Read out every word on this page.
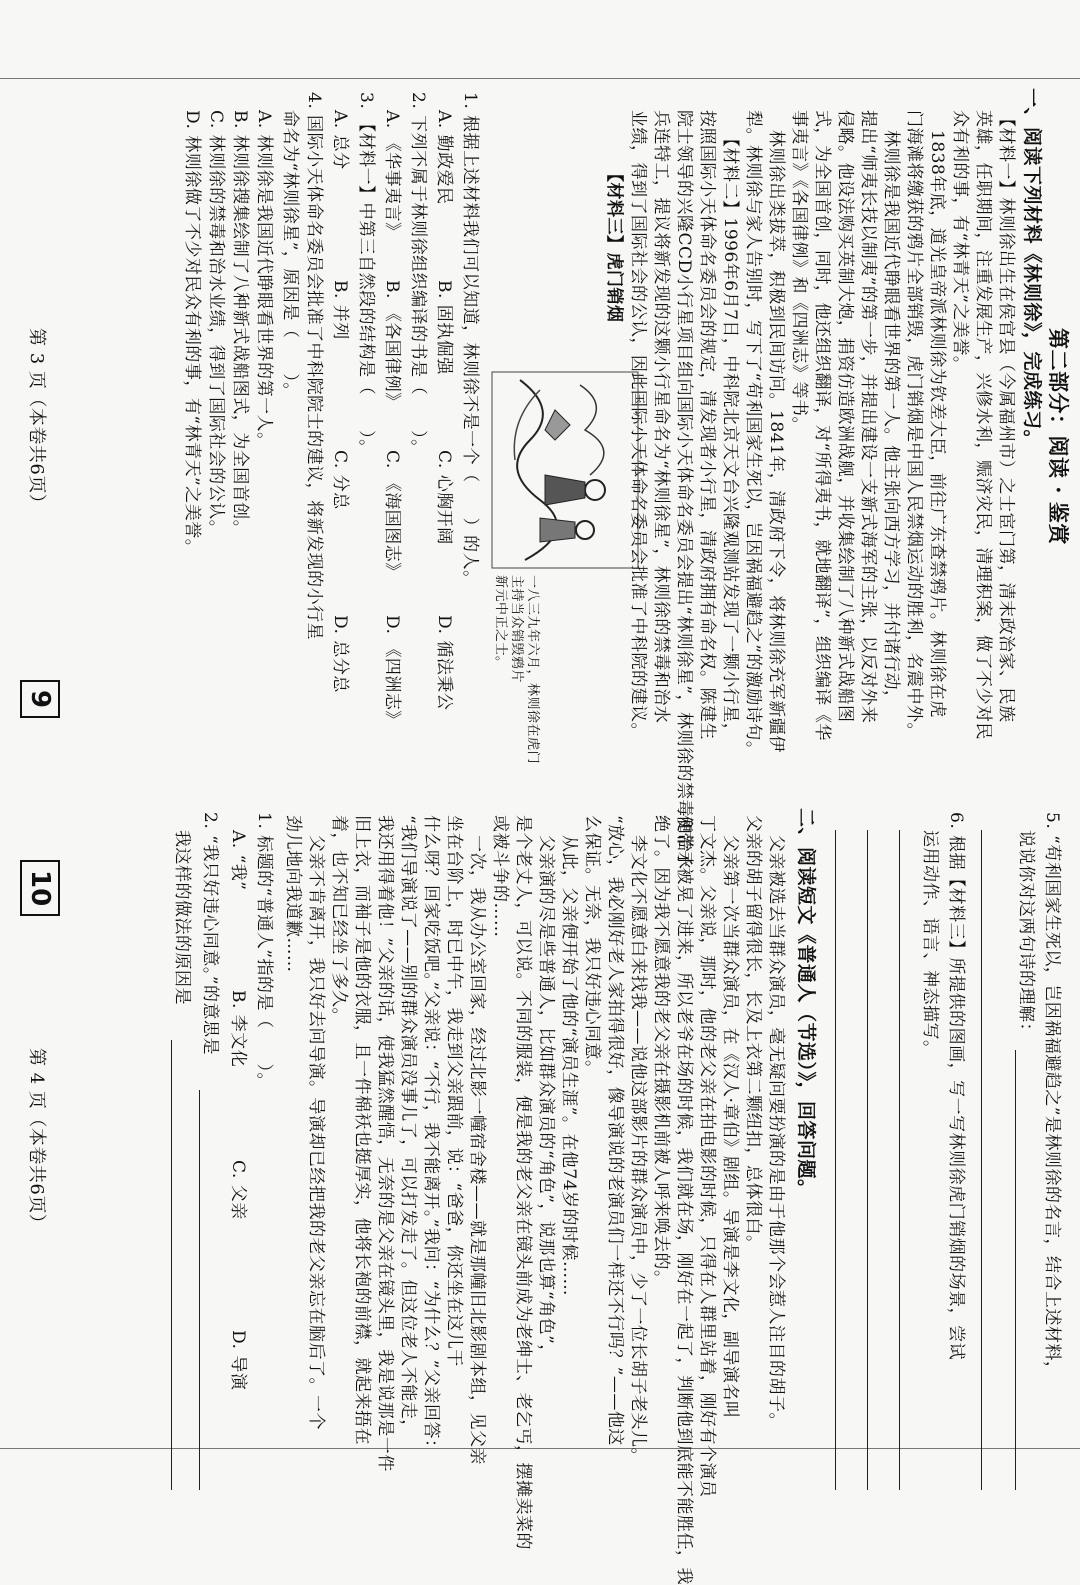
第二部分：阅读 · 鉴赏
一、阅读下列材料《林则徐》，完成练习。
【材料一】林则徐出生在侯官县（今属福州市）之士宦门第，清末政治家、民族
英雄，任职期间，注重发展生产，兴修水利，赈济灾民，清理积案，做了不少对民
众有利的事，有“林青天”之美誉。
1838年底，道光皇帝派林则徐为钦差大臣，前往广东查禁鸦片。林则徐在虎
门海滩将缴获的鸦片全部销毁，虎门销烟是中国人民禁烟运动的胜利，名震中外。
林则徐是我国近代睁眼看世界的第一人。他主张向西方学习，并付诸行动，
提出“师夷长技以制夷”的第一步，并提出建设一支新式海军的主张，以反对外来
侵略。他设法购买英制大炮，捐资仿造欧洲战舰，并收集绘制了八种新式战船图
式，为全国首创，同时，他还组织翻译，对“所得夷书，就地翻译”，组织编译《华
事夷言》《各国律例》和《四洲志》等书。
林则徐出类拔萃，积极到民间访问。1841年，清政府下令，将林则徐充军新疆伊
犁。林则徐与家人告别时，写下了“苟利国家生死以，岂因祸福避趋之”的激励诗句。
【材料二】1996年6月7日，中科院北京天文台兴隆观测站发现了一颗小行星，
按照国际小天体命名委员会的规定，清发现者小行星，清政府拥有命名权。陈建生
院士领导的兴隆CCD小行星项目组向国际小天体命名委员会提出“林则徐星”，林则徐的禁毒和治水
兵连特工，提议将新发现的这颗小行星命名为“林则徐星”，林则徐的禁毒和治水
业绩，得到了国际社会的公认，因此国际小天体命名委员会批准了中科院的建议。
【材料三】虎门销烟
一八三九年六月，林则徐在虎门
主持当众销毁鸦片
新元中正之士。
1. 根据上述材料我们可以知道，林则徐不是一个（　　）的人。
A. 勤政爱民
B. 固执倔强
C. 心胸开阔
D. 循法秉公
2. 下列不属于林则徐组织编译的书是（　　）。
A. 《华事夷言》
B. 《各国律例》
C. 《海国图志》
D. 《四洲志》
3. 【材料一】中第三自然段的结构是（　　）。
A. 总分
B. 并列
C. 分总
D. 总分总
4. 国际小天体命名委员会批准了中科院院士的建议，将新发现的小行星
命名为“林则徐星”，原因是（　　）。
A. 林则徐是我国近代睁眼看世界的第一人。
B. 林则徐搜集绘制了八种新式战船图式，为全国首创。
C. 林则徐的禁毒和治水业绩，得到了国际社会的公认。
D. 林则徐做了不少对民众有利的事，有“林青天”之美誉。
第 3 页（本卷共6页）
9
5. “苟利国家生死以，岂因祸福避趋之”是林则徐的名言，结合上述材料，
说说你对这两句诗的理解：
6. 根据【材料三】所提供的图画，写一写林则徐虎门销烟的场景，尝试
运用动作、语言、神态描写。
二、阅读短文《普通人（节选）》，回答问题。
父亲被选去当群众演员，毫无疑问要扮演的是由于他那个会惹人注目的胡子。
父亲的胡子留得很长，长及上衣第二颗纽扣，总体很白。
父亲第一次当群众演员，在《汉人·章伯》剧组。导演是李文化，副导演名叫
丁文杰。父亲说，那时，他的老父亲在拍电影的时候，只得在人群里站着，刚好有个演员
便带子被晃了进来，所以老爷在场的时候，我们就在场，刚好在一起了，判断他到底能不能胜任，我
绝了。因为我不愿意我的老父亲在摄影机前被人呼来唤去的。
李文化不愿意白来找我——说他这部影片的群众演员中，少了一位长胡子老头儿。
“放心，我必刚好老人家拍得很好，像导演说的老演员们一样还不行吗？”——他这
么保证。无奈，我只好违心同意。
从此，父亲便开始了他的“演员生涯”。在他74岁的时候……
父亲演的尽是些普通人，比如群众演员的“角色”，说那也算“角色”，
是个老丈人，可以说。不同的服装，便是我的老父亲在镜头前成为老绅士、老乞丐，摆摊卖菜的
或被斗争的……
一次，我从办公室回家，经过北影一幢宿舍楼——就是那幢旧北影剧本组，见父亲
坐在台阶上，时已中午，我走到父亲跟前，说：“爸爸，你还坐在这儿干
什么呀？回家吃饭吧。”父亲说：“不行，我不能离开。”我问：“为什么？”父亲回答：
“我们导演说了——别的群众演员没事儿了，可以打发走了。但这位老人不能走，
我还用得着他！”父亲的话，使我猛然醒悟，无奈的是父亲在镜头里，我是说那是一件
旧上衣，而袖子是他的衣服，且一件棉袄也挺厚实，他将长袍的前襟，就起来捂在
着，也不知已经坐了多久。
父亲不肯离开，我只好去问导演。导演却已经把我的老父亲忘在脑后了。一个
劲儿地向我道歉……
1. 标题的“普通人”指的是（　　）。
A. “我”
B. 李文化
C. 父亲
D. 导演
2. “我只好违心同意。”的意思是
我这样的做法的原因是
第 4 页（本卷共6页）
10
